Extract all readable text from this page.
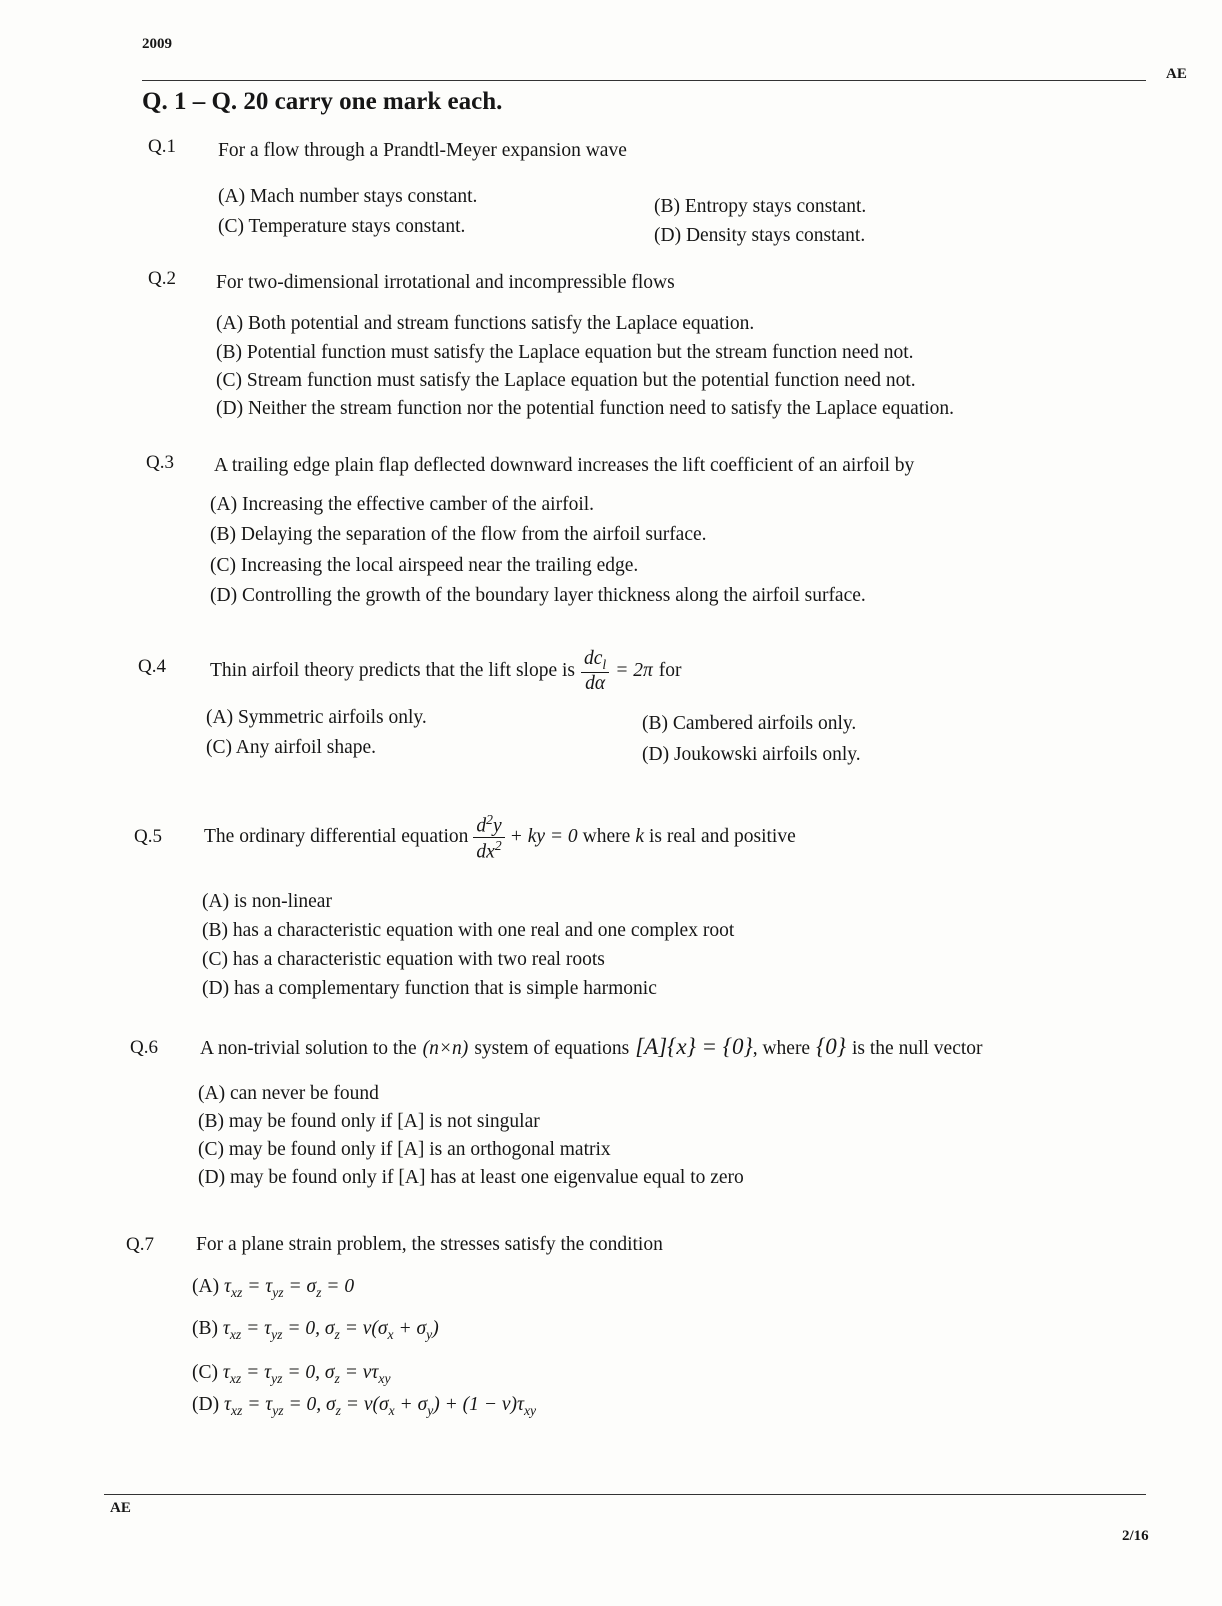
2009
AE
Q. 1 – Q. 20 carry one mark each.
Q.1 For a flow through a Prandtl-Meyer expansion wave
(A) Mach number stays constant.	(B) Entropy stays constant.
(C) Temperature stays constant.	(D) Density stays constant.
Q.2 For two-dimensional irrotational and incompressible flows
(A) Both potential and stream functions satisfy the Laplace equation.
(B) Potential function must satisfy the Laplace equation but the stream function need not.
(C) Stream function must satisfy the Laplace equation but the potential function need not.
(D) Neither the stream function nor the potential function need to satisfy the Laplace equation.
Q.3 A trailing edge plain flap deflected downward increases the lift coefficient of an airfoil by
(A) Increasing the effective camber of the airfoil.
(B) Delaying the separation of the flow from the airfoil surface.
(C) Increasing the local airspeed near the trailing edge.
(D) Controlling the growth of the boundary layer thickness along the airfoil surface.
Q.4 Thin airfoil theory predicts that the lift slope is $\frac{dc_l}{d\alpha} = 2\pi$ for
(A) Symmetric airfoils only.	(B) Cambered airfoils only.
(C) Any airfoil shape.	(D) Joukowski airfoils only.
Q.5 The ordinary differential equation $\frac{d^2y}{dx^2}$ + ky = 0 where k is real and positive
(A) is non-linear
(B) has a characteristic equation with one real and one complex root
(C) has a characteristic equation with two real roots
(D) has a complementary function that is simple harmonic
Q.6 A non-trivial solution to the (n×n) system of equations [A]{x} = {0} , where {0} is the null vector
(A) can never be found
(B) may be found only if [A] is not singular
(C) may be found only if [A] is an orthogonal matrix
(D) may be found only if [A] has at least one eigenvalue equal to zero
Q.7 For a plane strain problem, the stresses satisfy the condition
(A) $\tau_{xz} = \tau_{yz} = \sigma_z = 0$
(B) $\tau_{xz} = \tau_{yz} = 0$, $\sigma_z = \nu(\sigma_x + \sigma_y)$
(C) $\tau_{xz} = \tau_{yz} = 0$, $\sigma_z = \nu\tau_{xy}$
(D) $\tau_{xz} = \tau_{yz} = 0$, $\sigma_z = \nu(\sigma_x + \sigma_y) + (1 - \nu)\tau_{xy}$
AE
2/16
